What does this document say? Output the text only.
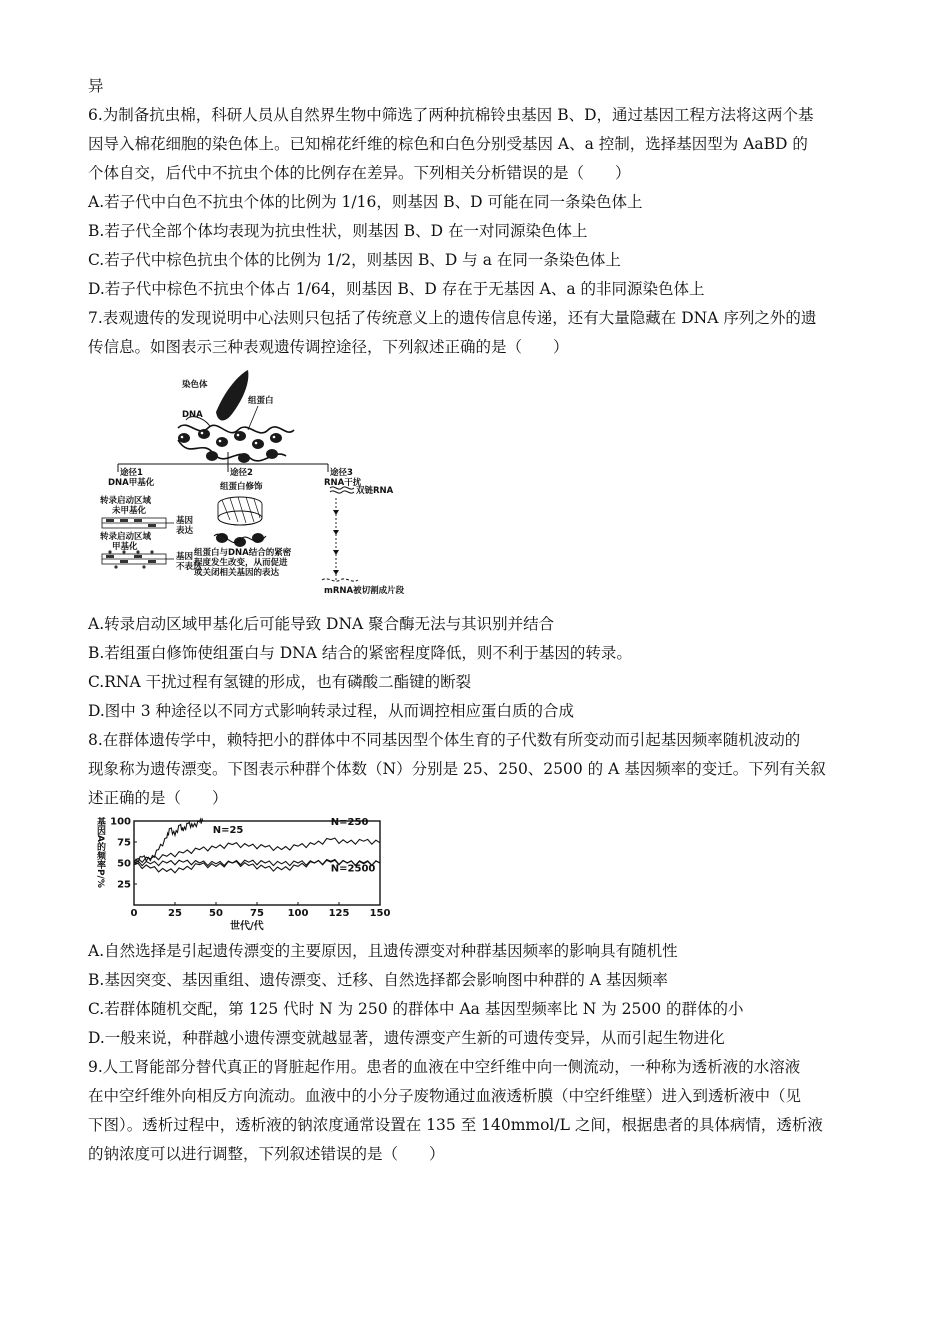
异
6.为制备抗虫棉，科研人员从自然界生物中筛选了两种抗棉铃虫基因 B、D，通过基因工程方法将这两个基
因导入棉花细胞的染色体上。已知棉花纤维的棕色和白色分别受基因 A、a 控制，选择基因型为 AaBD 的
个体自交，后代中不抗虫个体的比例存在差异。下列相关分析错误的是（　　）
A.若子代中白色不抗虫个体的比例为 1/16，则基因 B、D 可能在同一条染色体上
B.若子代全部个体均表现为抗虫性状，则基因 B、D 在一对同源染色体上
C.若子代中棕色抗虫个体的比例为 1/2，则基因 B、D 与 a 在同一条染色体上
D.若子代中棕色不抗虫个体占 1/64，则基因 B、D 存在于无基因 A、a 的非同源染色体上
7.表观遗传的发现说明中心法则只包括了传统意义上的遗传信息传递，还有大量隐藏在 DNA 序列之外的遗
传信息。如图表示三种表观遗传调控途径，下列叙述正确的是（　　）
染色体
DNA
组蛋白
途径1
DNA甲基化
途径2
组蛋白修饰
途径3
RNA干扰
双链RNA
转录启动区域
未甲基化
基因
表达
转录启动区域
甲基化
基因
不表达
组蛋白与DNA结合的紧密
程度发生改变，从而促进
或关闭相关基因的表达
mRNA被切割成片段
A.转录启动区域甲基化后可能导致 DNA 聚合酶无法与其识别并结合
B.若组蛋白修饰使组蛋白与 DNA 结合的紧密程度降低，则不利于基因的转录。
C.RNA 干扰过程有氢键的形成，也有磷酸二酯键的断裂
D.图中 3 种途径以不同方式影响转录过程，从而调控相应蛋白质的合成
8.在群体遗传学中，赖特把小的群体中不同基因型个体生育的子代数有所变动而引起基因频率随机波动的
现象称为遗传漂变。下图表示种群个体数（N）分别是 25、250、2500 的 A 基因频率的变迁。下列有关叙
述正确的是（　　）
0	25	50	75 100 125 150
100
75
50
25
N=25
N=250
N=2500
基因A的频率P/%
世代/代
A.自然选择是引起遗传漂变的主要原因，且遗传漂变对种群基因频率的影响具有随机性
B.基因突变、基因重组、遗传漂变、迁移、自然选择都会影响图中种群的 A 基因频率
C.若群体随机交配，第 125 代时 N 为 250 的群体中 Aa 基因型频率比 N 为 2500 的群体的小
D.一般来说，种群越小遗传漂变就越显著，遗传漂变产生新的可遗传变异，从而引起生物进化
9.人工肾能部分替代真正的肾脏起作用。患者的血液在中空纤维中向一侧流动，一种称为透析液的水溶液
在中空纤维外向相反方向流动。血液中的小分子废物通过血液透析膜（中空纤维壁）进入到透析液中（见
下图）。透析过程中，透析液的钠浓度通常设置在 135 至 140mmol/L 之间，根据患者的具体病情，透析液
的钠浓度可以进行调整，下列叙述错误的是（　　）
